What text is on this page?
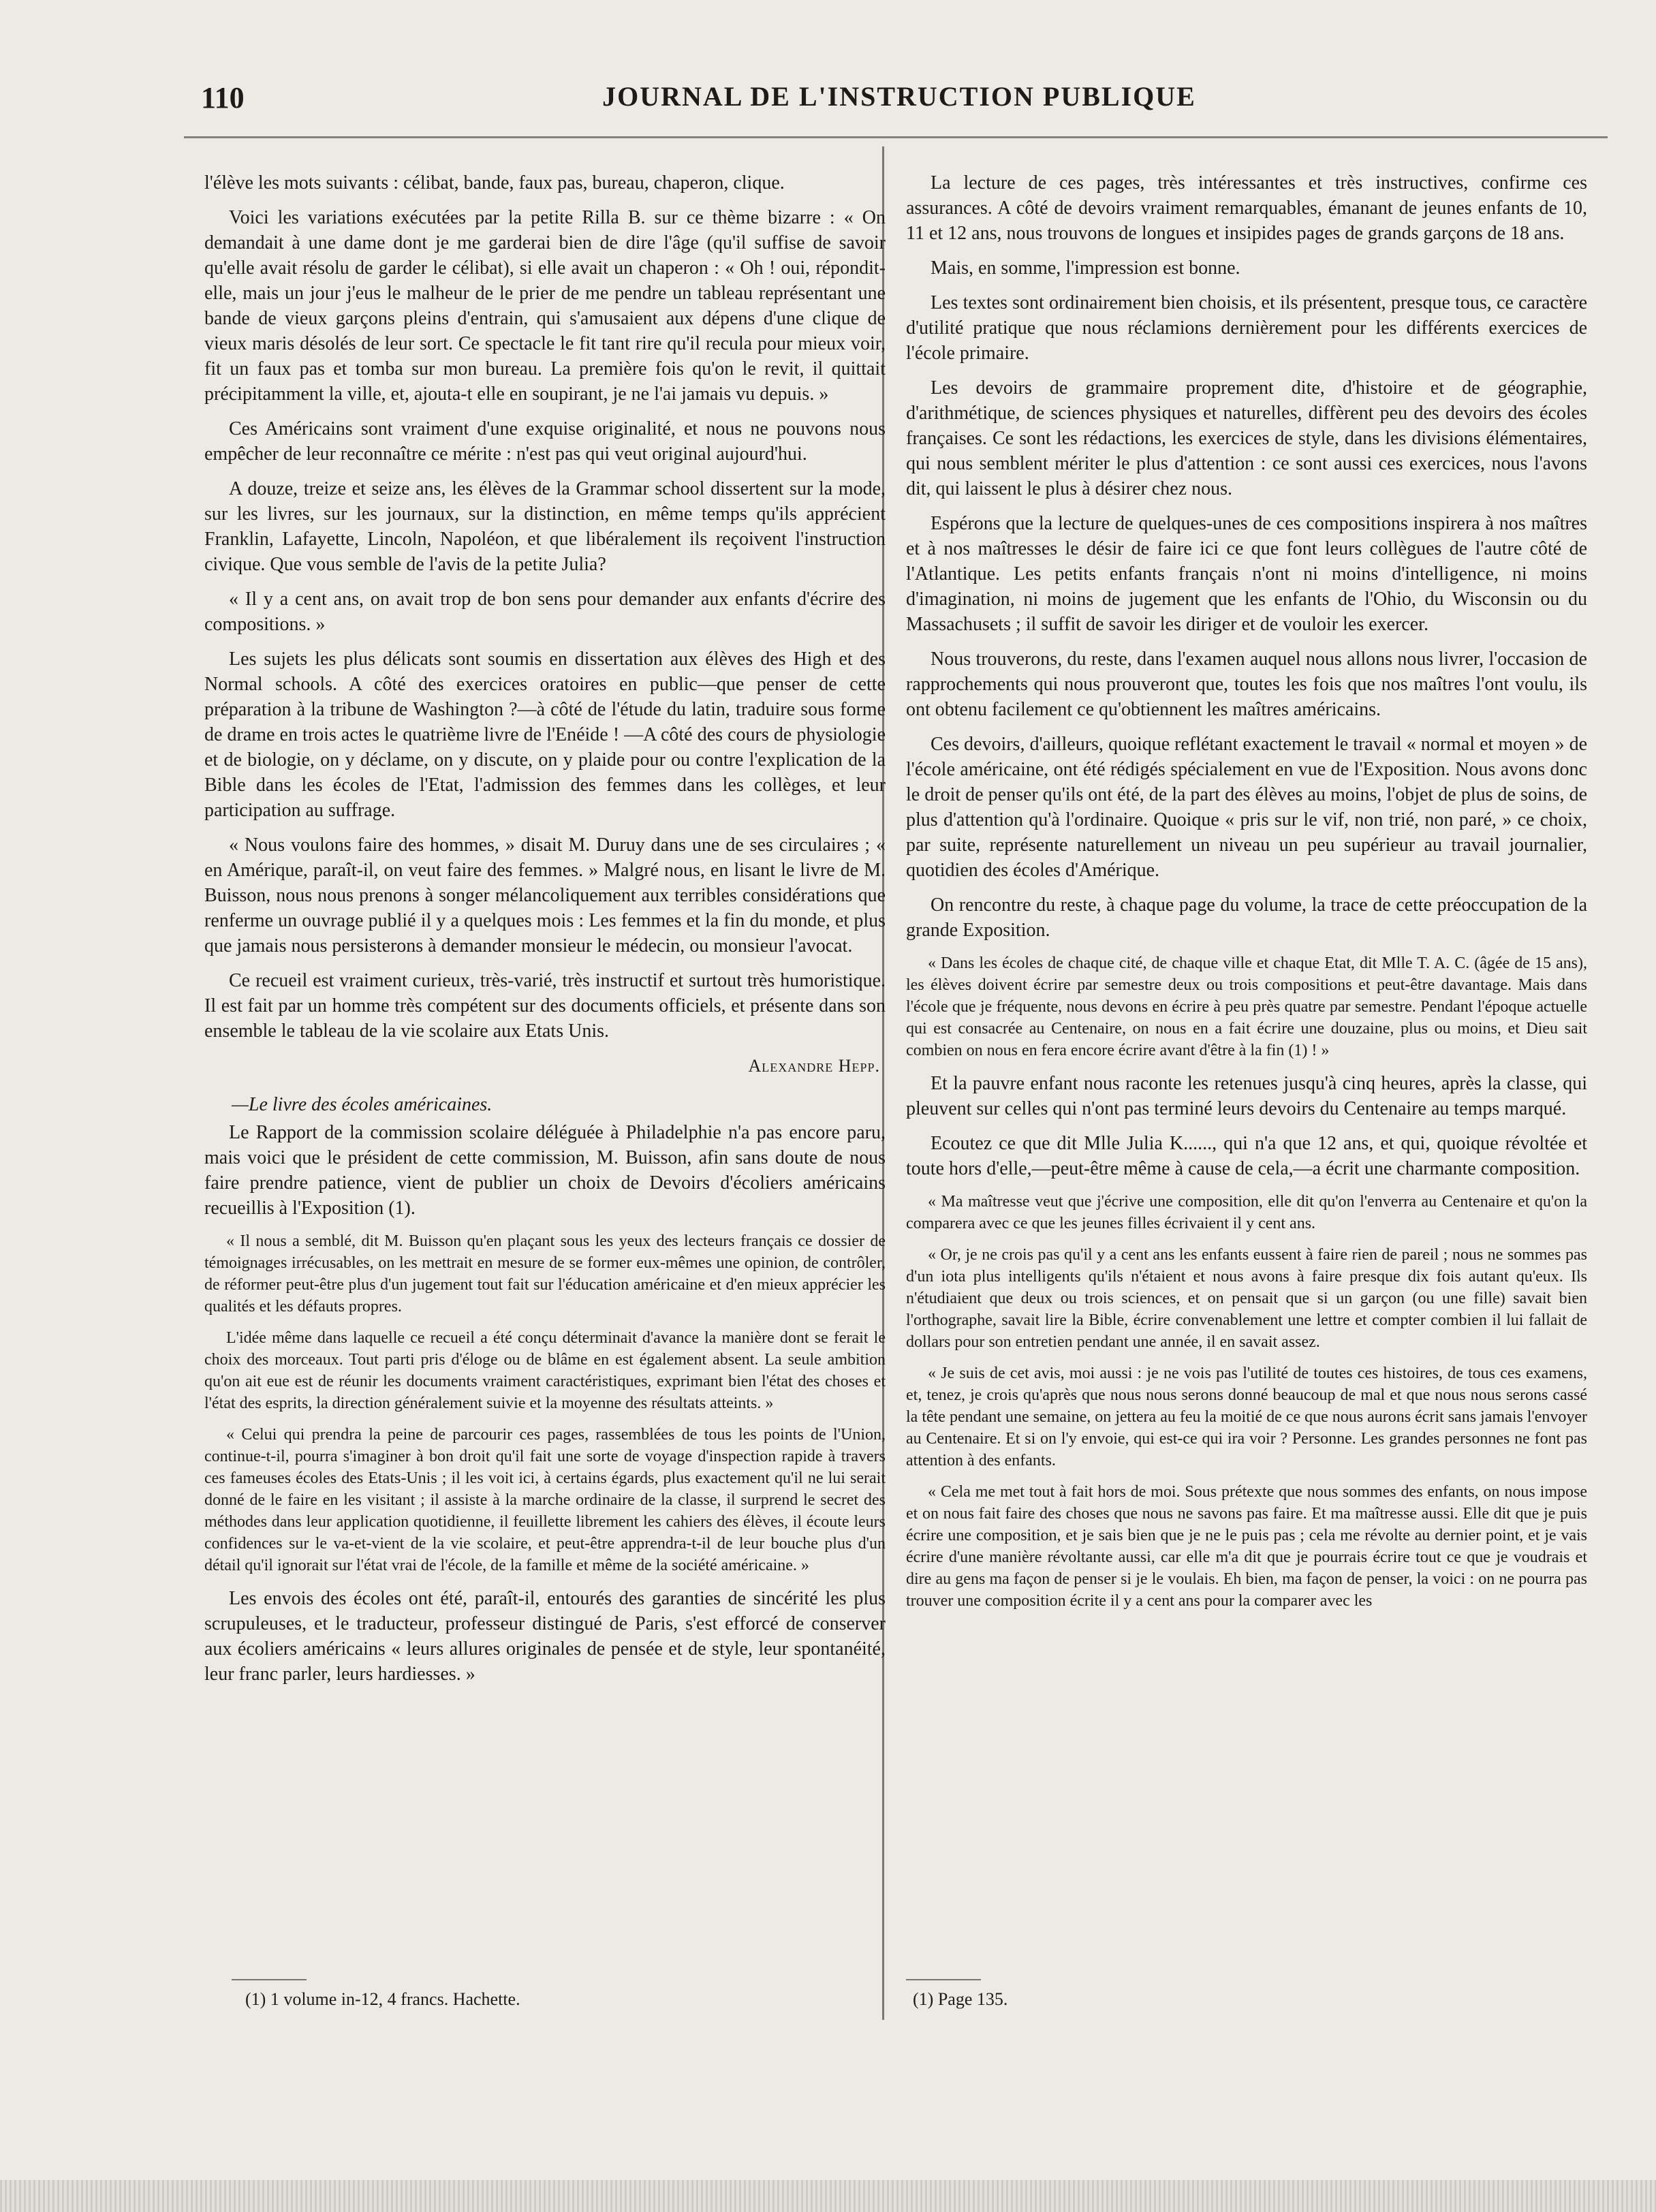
110	JOURNAL DE L'INSTRUCTION PUBLIQUE

l'élève les mots suivants : célibat, bande, faux pas, bureau, chaperon, clique.

Voici les variations exécutées par la petite Rilla B. sur ce thème bizarre : « On demandait à une dame dont je me garderai bien de dire l'âge (qu'il suffise de savoir qu'elle avait résolu de garder le célibat), si elle avait un chaperon : « Oh ! oui, répondit-elle, mais un jour j'eus le malheur de le prier de me pendre un tableau représentant une bande de vieux garçons pleins d'entrain, qui s'amusaient aux dépens d'une clique de vieux maris désolés de leur sort. Ce spectacle le fit tant rire qu'il recula pour mieux voir, fit un faux pas et tomba sur mon bureau. La première fois qu'on le revit, il quittait précipitamment la ville, et, ajouta-t elle en soupirant, je ne l'ai jamais vu depuis. »

Ces Américains sont vraiment d'une exquise originalité, et nous ne pouvons nous empêcher de leur reconnaître ce mérite : n'est pas qui veut original aujourd'hui.

A douze, treize et seize ans, les élèves de la Grammar school dissertent sur la mode, sur les livres, sur les journaux, sur la distinction, en même temps qu'ils apprécient Franklin, Lafayette, Lincoln, Napoléon, et que libéralement ils reçoivent l'instruction civique. Que vous semble de l'avis de la petite Julia?

« Il y a cent ans, on avait trop de bon sens pour demander aux enfants d'écrire des compositions. »

Les sujets les plus délicats sont soumis en dissertation aux élèves des High et des Normal schools. A côté des exercices oratoires en public—que penser de cette préparation à la tribune de Washington ?—à côté de l'étude du latin, traduire sous forme de drame en trois actes le quatrième livre de l'Enéide ! —A côté des cours de physiologie et de biologie, on y déclame, on y discute, on y plaide pour ou contre l'explication de la Bible dans les écoles de l'Etat, l'admission des femmes dans les collèges, et leur participation au suffrage.

« Nous voulons faire des hommes, » disait M. Duruy dans une de ses circulaires ; « en Amérique, paraît-il, on veut faire des femmes. » Malgré nous, en lisant le livre de M. Buisson, nous nous prenons à songer mélancoliquement aux terribles considérations que renferme un ouvrage publié il y a quelques mois : Les femmes et la fin du monde, et plus que jamais nous persisterons à demander monsieur le médecin, ou monsieur l'avocat.

Ce recueil est vraiment curieux, très-varié, très instructif et surtout très humoristique. Il est fait par un homme très compétent sur des documents officiels, et présente dans son ensemble le tableau de la vie scolaire aux Etats Unis.

Alexandre Hepp.
—Le livre des écoles américaines.

Le Rapport de la commission scolaire déléguée à Philadelphie n'a pas encore paru, mais voici que le président de cette commission, M. Buisson, afin sans doute de nous faire prendre patience, vient de publier un choix de Devoirs d'écoliers américains recueillis à l'Exposition (1).

« Il nous a semblé, dit M. Buisson qu'en plaçant sous les yeux des lecteurs français ce dossier de témoignages irrécusables, on les mettrait en mesure de se former eux-mêmes une opinion, de contrôler, de réformer peut-être plus d'un jugement tout fait sur l'éducation américaine et d'en mieux apprécier les qualités et les défauts propres.

L'idée même dans laquelle ce recueil a été conçu déterminait d'avance la manière dont se ferait le choix des morceaux. Tout parti pris d'éloge ou de blâme en est également absent. La seule ambition qu'on ait eue est de réunir les documents vraiment caractéristiques, exprimant bien l'état des choses et l'état des esprits, la direction généralement suivie et la moyenne des résultats atteints. »

« Celui qui prendra la peine de parcourir ces pages, rassemblées de tous les points de l'Union, continue-t-il, pourra s'imaginer à bon droit qu'il fait une sorte de voyage d'inspection rapide à travers ces fameuses écoles des Etats-Unis ; il les voit ici, à certains égards, plus exactement qu'il ne lui serait donné de le faire en les visitant ; il assiste à la marche ordinaire de la classe, il surprend le secret des méthodes dans leur application quotidienne, il feuillette librement les cahiers des élèves, il écoute leurs confidences sur le va-et-vient de la vie scolaire, et peut-être apprendra-t-il de leur bouche plus d'un détail qu'il ignorait sur l'état vrai de l'école, de la famille et même de la société américaine. »

Les envois des écoles ont été, paraît-il, entourés des garanties de sincérité les plus scrupuleuses, et le traducteur, professeur distingué de Paris, s'est efforcé de conserver aux écoliers américains « leurs allures originales de pensée et de style, leur spontanéité, leur franc parler, leurs hardiesses. »

La lecture de ces pages, très intéressantes et très instructives, confirme ces assurances. A côté de devoirs vraiment remarquables, émanant de jeunes enfants de 10, 11 et 12 ans, nous trouvons de longues et insipides pages de grands garçons de 18 ans.

Mais, en somme, l'impression est bonne.

Les textes sont ordinairement bien choisis, et ils présentent, presque tous, ce caractère d'utilité pratique que nous réclamions dernièrement pour les différents exercices de l'école primaire.

Les devoirs de grammaire proprement dite, d'histoire et de géographie, d'arithmétique, de sciences physiques et naturelles, diffèrent peu des devoirs des écoles françaises. Ce sont les rédactions, les exercices de style, dans les divisions élémentaires, qui nous semblent mériter le plus d'attention : ce sont aussi ces exercices, nous l'avons dit, qui laissent le plus à désirer chez nous.

Espérons que la lecture de quelques-unes de ces compositions inspirera à nos maîtres et à nos maîtresses le désir de faire ici ce que font leurs collègues de l'autre côté de l'Atlantique. Les petits enfants français n'ont ni moins d'intelligence, ni moins d'imagination, ni moins de jugement que les enfants de l'Ohio, du Wisconsin ou du Massachusets ; il suffit de savoir les diriger et de vouloir les exercer.

Nous trouverons, du reste, dans l'examen auquel nous allons nous livrer, l'occasion de rapprochements qui nous prouveront que, toutes les fois que nos maîtres l'ont voulu, ils ont obtenu facilement ce qu'obtiennent les maîtres américains.

Ces devoirs, d'ailleurs, quoique reflétant exactement le travail « normal et moyen » de l'école américaine, ont été rédigés spécialement en vue de l'Exposition. Nous avons donc le droit de penser qu'ils ont été, de la part des élèves au moins, l'objet de plus de soins, de plus d'attention qu'à l'ordinaire. Quoique « pris sur le vif, non trié, non paré, » ce choix, par suite, représente naturellement un niveau un peu supérieur au travail journalier, quotidien des écoles d'Amérique.

On rencontre du reste, à chaque page du volume, la trace de cette préoccupation de la grande Exposition.

« Dans les écoles de chaque cité, de chaque ville et chaque Etat, dit Mlle T. A. C. (âgée de 15 ans), les élèves doivent écrire par semestre deux ou trois compositions et peut-être davantage. Mais dans l'école que je fréquente, nous devons en écrire à peu près quatre par semestre. Pendant l'époque actuelle qui est consacrée au Centenaire, on nous en a fait écrire une douzaine, plus ou moins, et Dieu sait combien on nous en fera encore écrire avant d'être à la fin (1) ! »

Et la pauvre enfant nous raconte les retenues jusqu'à cinq heures, après la classe, qui pleuvent sur celles qui n'ont pas terminé leurs devoirs du Centenaire au temps marqué.

Ecoutez ce que dit Mlle Julia K......, qui n'a que 12 ans, et qui, quoique révoltée et toute hors d'elle,—peut-être même à cause de cela,—a écrit une charmante composition.

« Ma maîtresse veut que j'écrive une composition, elle dit qu'on l'enverra au Centenaire et qu'on la comparera avec ce que les jeunes filles écrivaient il y cent ans.

« Or, je ne crois pas qu'il y a cent ans les enfants eussent à faire rien de pareil ; nous ne sommes pas d'un iota plus intelligents qu'ils n'étaient et nous avons à faire presque dix fois autant qu'eux. Ils n'étudiaient que deux ou trois sciences, et on pensait que si un garçon (ou une fille) savait bien l'orthographe, savait lire la Bible, écrire convenablement une lettre et compter combien il lui fallait de dollars pour son entretien pendant une année, il en savait assez.

« Je suis de cet avis, moi aussi : je ne vois pas l'utilité de toutes ces histoires, de tous ces examens, et, tenez, je crois qu'après que nous nous serons donné beaucoup de mal et que nous nous serons cassé la tête pendant une semaine, on jettera au feu la moitié de ce que nous aurons écrit sans jamais l'envoyer au Centenaire. Et si on l'y envoie, qui est-ce qui ira voir ? Personne. Les grandes personnes ne font pas attention à des enfants.

« Cela me met tout à fait hors de moi. Sous prétexte que nous sommes des enfants, on nous impose et on nous fait faire des choses que nous ne savons pas faire. Et ma maîtresse aussi. Elle dit que je puis écrire une composition, et je sais bien que je ne le puis pas ; cela me révolte au dernier point, et je vais écrire d'une manière révoltante aussi, car elle m'a dit que je pourrais écrire tout ce que je voudrais et dire au gens ma façon de penser si je le voulais. Eh bien, ma façon de penser, la voici : on ne pourra pas trouver une composition écrite il y a cent ans pour la comparer avec les

(1) 1 volume in-12, 4 francs. Hachette.	(1) Page 135.
